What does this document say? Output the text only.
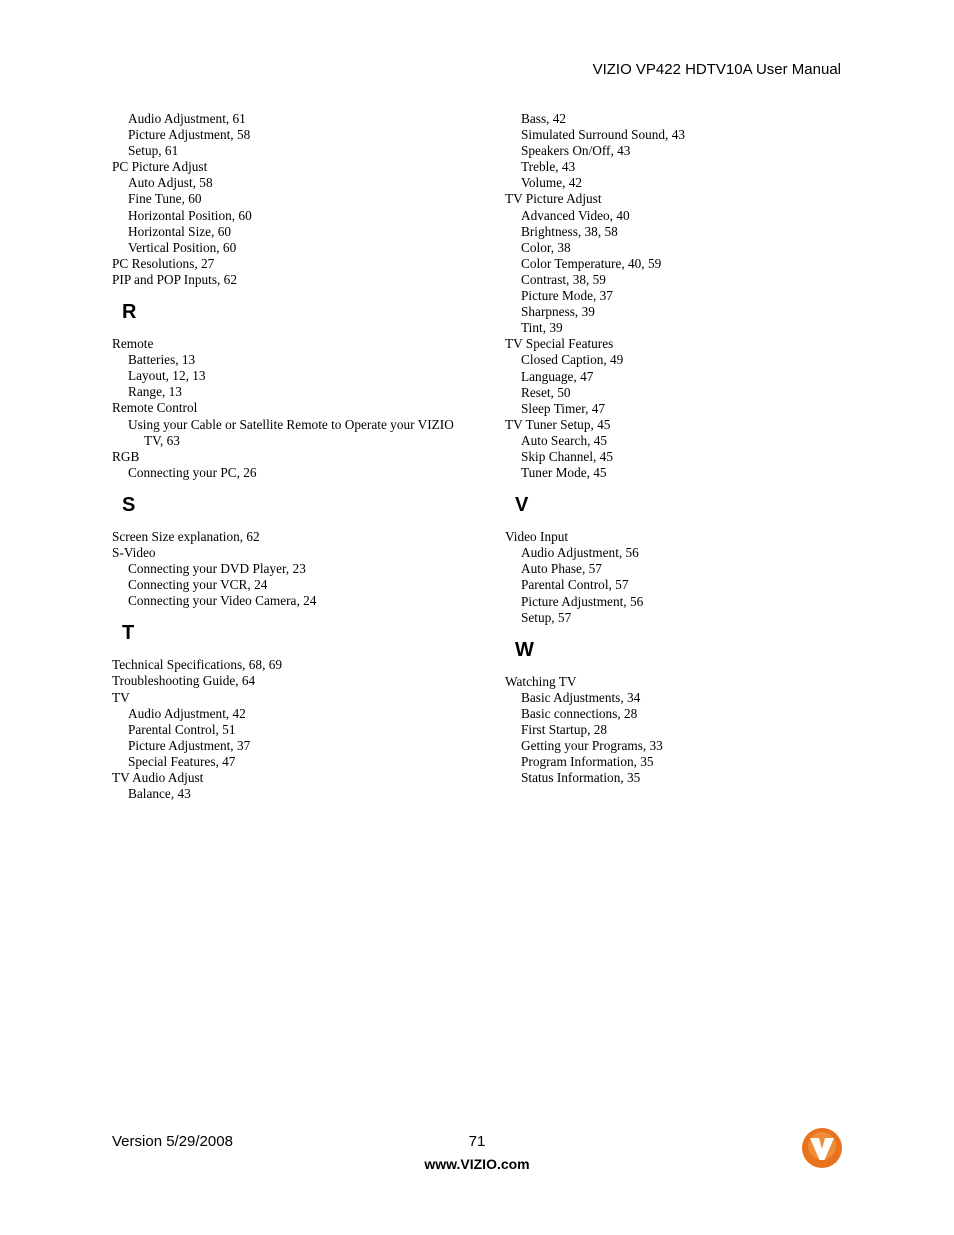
VIZIO VP422 HDTV10A User Manual
Audio Adjustment, 61
Picture Adjustment, 58
Setup, 61
PC Picture Adjust
Auto Adjust, 58
Fine Tune, 60
Horizontal Position, 60
Horizontal Size, 60
Vertical Position, 60
PC Resolutions, 27
PIP and POP Inputs, 62
R
Remote
Batteries, 13
Layout, 12, 13
Range, 13
Remote Control
Using your Cable or Satellite Remote to Operate your VIZIO TV, 63
RGB
Connecting your PC, 26
S
Screen Size explanation, 62
S-Video
Connecting your DVD Player, 23
Connecting your VCR, 24
Connecting your Video Camera, 24
T
Technical Specifications, 68, 69
Troubleshooting Guide, 64
TV
Audio Adjustment, 42
Parental Control, 51
Picture Adjustment, 37
Special Features, 47
TV Audio Adjust
Balance, 43
Bass, 42
Simulated Surround Sound, 43
Speakers On/Off, 43
Treble, 43
Volume, 42
TV Picture Adjust
Advanced Video, 40
Brightness, 38, 58
Color, 38
Color Temperature, 40, 59
Contrast, 38, 59
Picture Mode, 37
Sharpness, 39
Tint, 39
TV Special Features
Closed Caption, 49
Language, 47
Reset, 50
Sleep Timer, 47
TV Tuner Setup, 45
Auto Search, 45
Skip Channel, 45
Tuner Mode, 45
V
Video Input
Audio Adjustment, 56
Auto Phase, 57
Parental Control, 57
Picture Adjustment, 56
Setup, 57
W
Watching TV
Basic Adjustments, 34
Basic connections, 28
First Startup, 28
Getting your Programs, 33
Program Information, 35
Status Information, 35
Version 5/29/2008	71
www.VIZIO.com
